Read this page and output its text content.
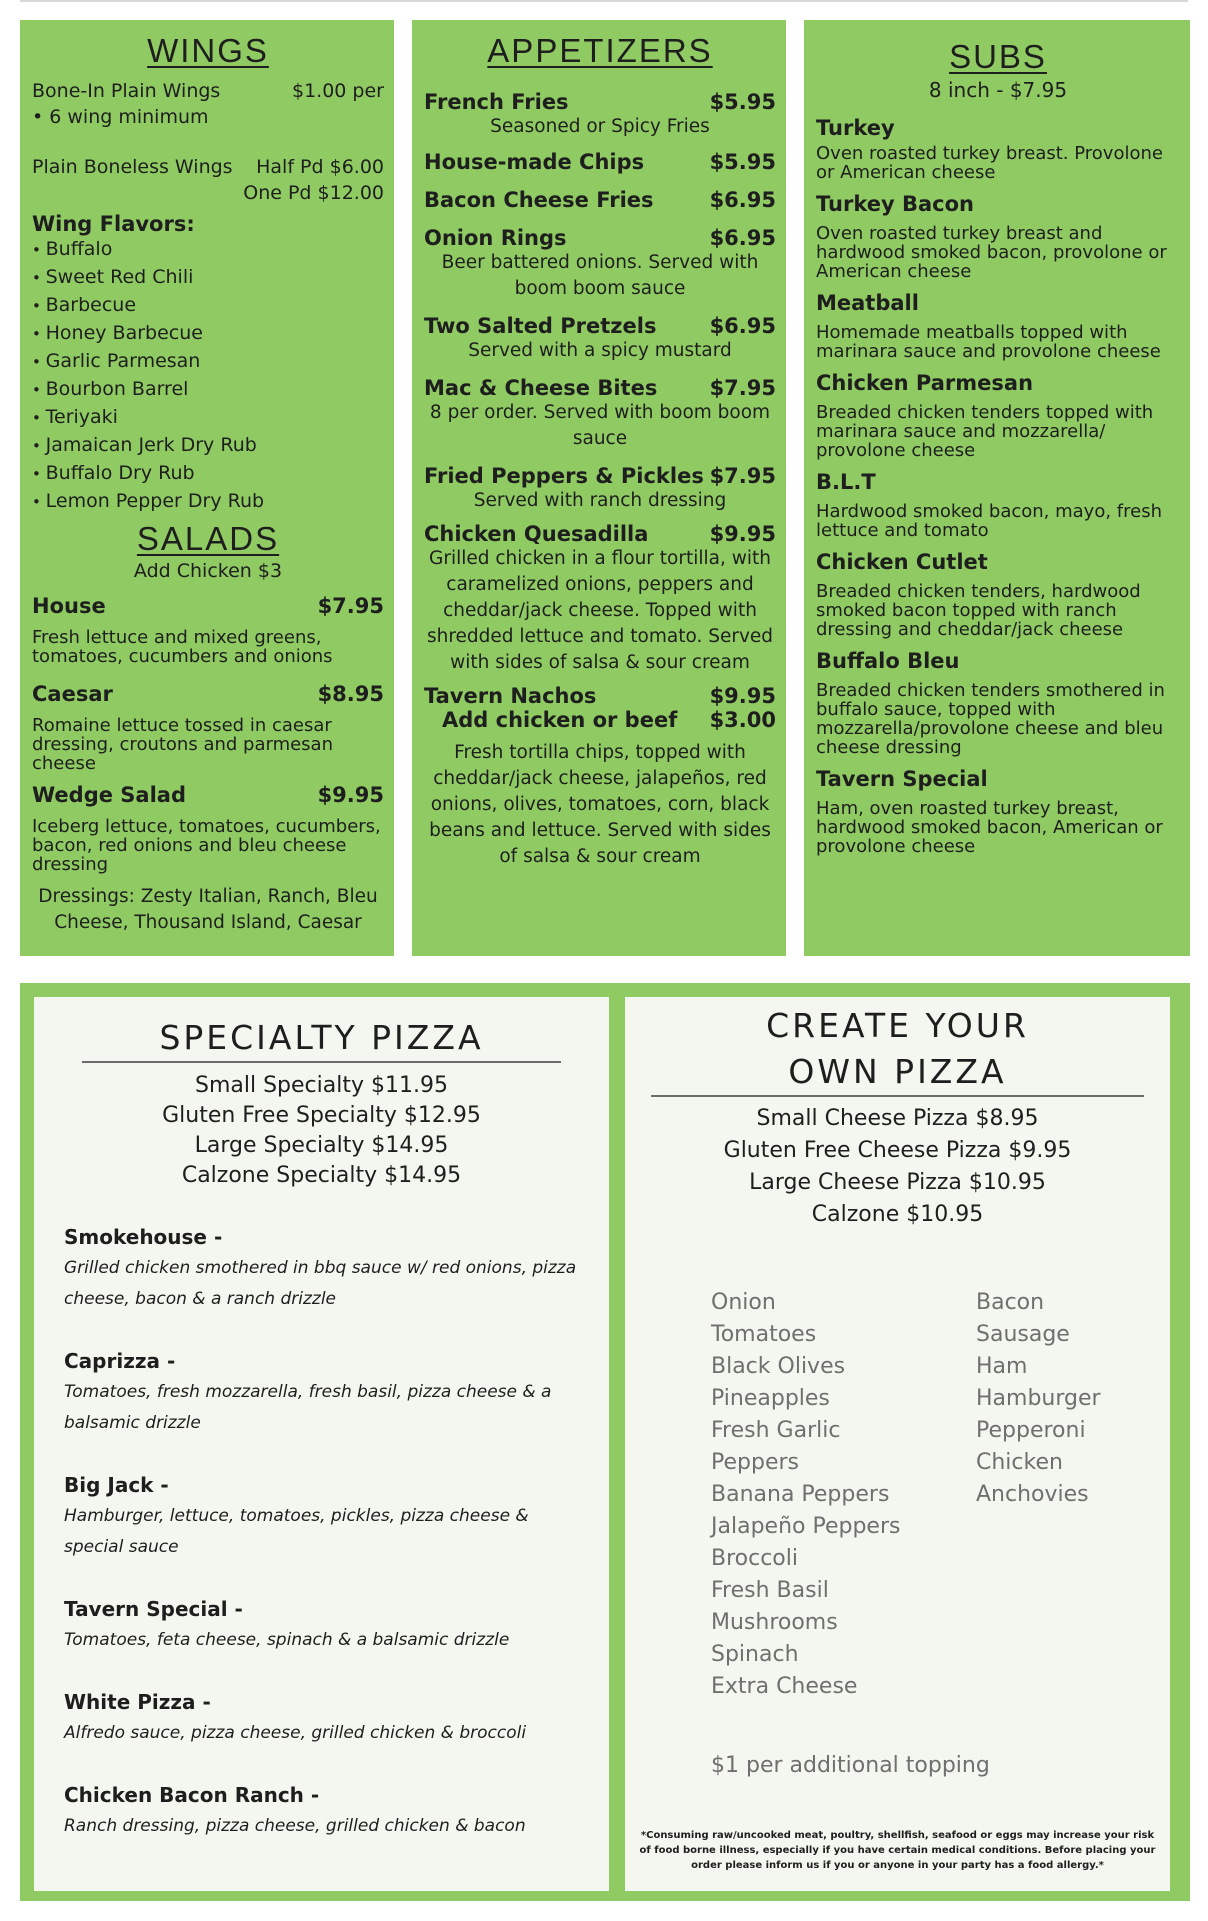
WINGS
Bone-In Plain Wings	$1.00 per
• 6 wing minimum
Plain Boneless Wings Half Pd $6.00
One Pd $12.00
Wing Flavors:
• Buffalo
• Sweet Red Chili
• Barbecue
• Honey Barbecue
• Garlic Parmesan
• Bourbon Barrel
• Teriyaki
• Jamaican Jerk Dry Rub
• Buffalo Dry Rub
• Lemon Pepper Dry Rub
SALADS
Add Chicken $3
House	$7.95
Fresh lettuce and mixed greens, tomatoes, cucumbers and onions
Caesar	$8.95
Romaine lettuce tossed in caesar dressing, croutons and parmesan cheese
Wedge Salad	$9.95
Iceberg lettuce, tomatoes, cucumbers, bacon, red onions and bleu cheese dressing
Dressings: Zesty Italian, Ranch, Bleu Cheese, Thousand Island, Caesar
APPETIZERS
French Fries	$5.95
Seasoned or Spicy Fries
House-made Chips	$5.95
Bacon Cheese Fries	$6.95
Onion Rings	$6.95
Beer battered onions. Served with boom boom sauce
Two Salted Pretzels	$6.95
Served with a spicy mustard
Mac & Cheese Bites $7.95
8 per order. Served with boom boom sauce
Fried Peppers & Pickles $7.95
Served with ranch dressing
Chicken Quesadilla	$9.95
Grilled chicken in a flour tortilla, with caramelized onions, peppers and cheddar/jack cheese. Topped with shredded lettuce and tomato. Served with sides of salsa & sour cream
Tavern Nachos	$9.95
Add chicken or beef $3.00
Fresh tortilla chips, topped with cheddar/jack cheese, jalapeños, red onions, olives, tomatoes, corn, black beans and lettuce. Served with sides of salsa & sour cream
SUBS
8 inch - $7.95
Turkey
Oven roasted turkey breast. Provolone or American cheese
Turkey Bacon
Oven roasted turkey breast and hardwood smoked bacon, provolone or American cheese
Meatball
Homemade meatballs topped with marinara sauce and provolone cheese
Chicken Parmesan
Breaded chicken tenders topped with marinara sauce and mozzarella/ provolone cheese
B.L.T
Hardwood smoked bacon, mayo, fresh lettuce and tomato
Chicken Cutlet
Breaded chicken tenders, hardwood smoked bacon topped with ranch dressing and cheddar/jack cheese
Buffalo Bleu
Breaded chicken tenders smothered in buffalo sauce, topped with mozzarella/provolone cheese and bleu cheese dressing
Tavern Special
Ham, oven roasted turkey breast, hardwood smoked bacon, American or provolone cheese
SPECIALTY PIZZA
Small Specialty $11.95
Gluten Free Specialty $12.95
Large Specialty $14.95
Calzone Specialty $14.95
Smokehouse -
Grilled chicken smothered in bbq sauce w/ red onions, pizza cheese, bacon & a ranch drizzle
Caprizza -
Tomatoes, fresh mozzarella, fresh basil, pizza cheese & a balsamic drizzle
Big Jack -
Hamburger, lettuce, tomatoes, pickles, pizza cheese & special sauce
Tavern Special -
Tomatoes, feta cheese, spinach & a balsamic drizzle
White Pizza -
Alfredo sauce, pizza cheese, grilled chicken & broccoli
Chicken Bacon Ranch -
Ranch dressing, pizza cheese, grilled chicken & bacon
CREATE YOUR
OWN PIZZA
Small Cheese Pizza $8.95
Gluten Free Cheese Pizza $9.95
Large Cheese Pizza $10.95
Calzone $10.95
Onion
Tomatoes
Black Olives
Pineapples
Fresh Garlic
Peppers
Banana Peppers
Jalapeño Peppers
Broccoli
Fresh Basil
Mushrooms
Spinach
Extra Cheese
Bacon
Sausage
Ham
Hamburger
Pepperoni
Chicken
Anchovies
$1 per additional topping
*Consuming raw/uncooked meat, poultry, shellfish, seafood or eggs may increase your risk of food borne illness, especially if you have certain medical conditions. Before placing your order please inform us if you or anyone in your party has a food allergy.*
